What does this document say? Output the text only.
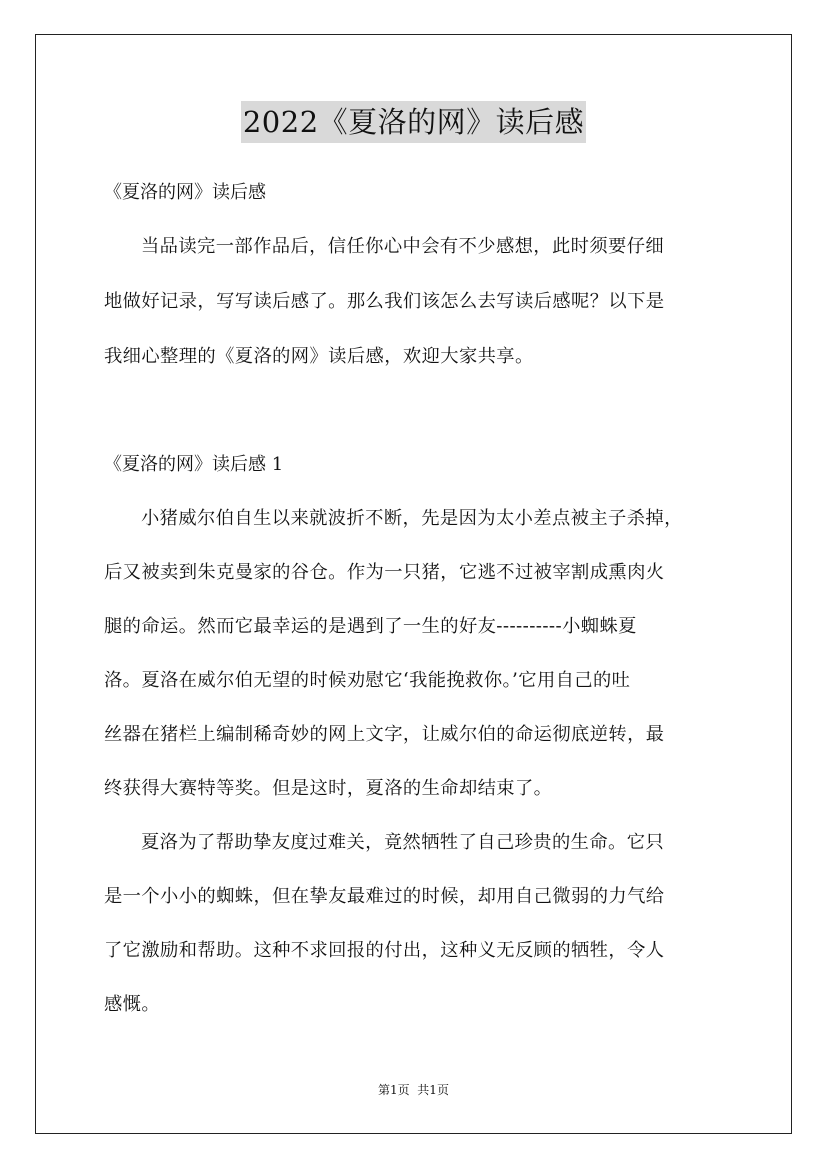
2022《夏洛的网》读后感
《夏洛的网》读后感
当品读完一部作品后，信任你心中会有不少感想，此时须要仔细
地做好记录，写写读后感了。那么我们该怎么去写读后感呢？以下是
我细心整理的《夏洛的网》读后感，欢迎大家共享。
《夏洛的网》读后感 1
小猪威尔伯自生以来就波折不断，先是因为太小差点被主子杀掉，
后又被卖到朱克曼家的谷仓。作为一只猪，它逃不过被宰割成熏肉火
腿的命运。然而它最幸运的是遇到了一生的好友----------小蜘蛛夏
洛。夏洛在威尔伯无望的时候劝慰它‘我能挽救你。’它用自己的吐
丝器在猪栏上编制稀奇妙的网上文字，让威尔伯的命运彻底逆转，最
终获得大赛特等奖。但是这时，夏洛的生命却结束了。
夏洛为了帮助挚友度过难关，竟然牺牲了自己珍贵的生命。它只
是一个小小的蜘蛛，但在挚友最难过的时候，却用自己微弱的力气给
了它激励和帮助。这种不求回报的付出，这种义无反顾的牺牲，令人
感慨。
第1页  共1页
